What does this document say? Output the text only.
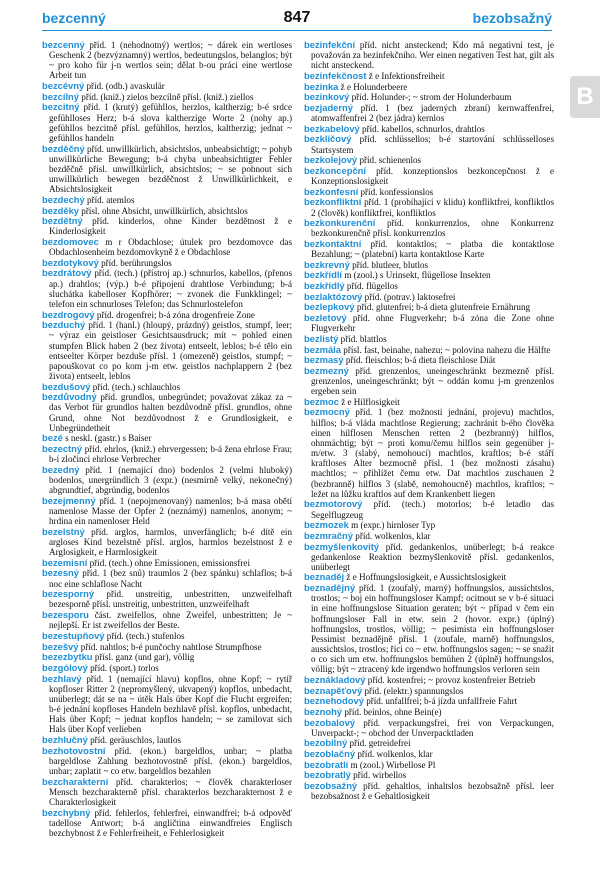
bezcenný	847	bezobsažný
B

bezcenný příd. 1 (nehodnotný) wertlos; ~ dárek ein wertloses Geschenk 2 (bezvýznamný) wertlos, bedeutungslos, belanglos; být ~ pro koho für j-n wertlos sein; dělat b-ou práci eine wertlose Arbeit tun

bezcévný příd. (odb.) avaskulär

bezcílný příd. (kniž.) zielos bezcílně přísl. (kniž.) ziellos

bezcitný příd. 1 (krutý) gefühllos, herzlos, kaltherzig; b-é srdce gefühlloses Herz; b-á slova kaltherzige Worte 2 (nohy ap.) gefühllos bezcitně přísl. gefühllos, herzlos, kaltherzig; jednat ~ gefühllos handeln

bezděčný příd. unwillkürlich, absichtslos, unbeabsichtigt; ~ pohyb unwillkürliche Bewegung; b-á chyba unbeabsichtigter Fehler bezděčně přísl. unwillkürlich, absichtslos; ~ se pohnout sich unwillkürlich bewegen bezděčnost ž Unwillkürlichkeit, e Absichtslosigkeit

bezdechý příd. atemlos

bezděky přísl. ohne Absicht, unwillkürlich, absichtslos

bezdětný příd. kinderlos, ohne Kinder bezdětnost ž e Kinderlosigkeit

bezdomovec m r Obdachlose; útulek pro bezdomovce das Obdachlosenheim bezdomovkyně ž e Obdachlose

bezdotykový příd. berührungslos

bezdrátový příd. (tech.) (přístroj ap.) schnurlos, kabellos, (přenos ap.) drahtlos; (výp.) b-é připojení drahtlose Verbindung; b-á sluchátka kabelloser Kopfhörer; ~ zvonek die Funkklingel; ~ telefon ein schnurloses Telefon; das Schnurlostelefon

bezdrogový příd. drogenfrei; b-á zóna drogenfreie Zone

bezduchý příd. 1 (hanl.) (hloupý, prázdný) geistlos, stumpf, leer; ~ výraz ein geistloser Gesichtsausdruck; mít ~ pohled einen stumpfen Blick haben 2 (bez života) entseelt, leblos; b-é tělo ein entseelter Körper bezduše přísl. 1 (omezeně) geistlos, stumpf; ~ papouškovat co po kom j-m etw. geistlos nachplappern 2 (bez života) entseelt, leblos

bezdušový příd. (tech.) schlauchlos

bezdůvodný příd. grundlos, unbegründet; považovat zákaz za ~ das Verbot für grundlos halten bezdůvodně přísl. grundlos, ohne Grund, ohne Not bezdůvodnost ž e Grundlosigkeit, e Unbegründetheit

bezé s neskl. (gastr.) s Baiser

bezectný příd. ehrlos, (kniž.) ehrvergessen; b-á žena ehrlose Frau; b-í zločinci ehrlose Verbrecher

bezedný příd. 1 (nemající dno) bodenlos 2 (velmi hluboký) bodenlos, unergründlich 3 (expr.) (nesmírně velký, nekonečný) abgrundtief, abgründig, bodenlos

bezejmenný příd. 1 (nepojmenovaný) namenlos; b-á masa obětí namenlose Masse der Opfer 2 (neznámý) namenlos, anonym; ~ hrdina ein namenloser Held

bezelstný příd. arglos, harmlos, unverfänglich; b-é dítě ein argloses Kind bezelstně přísl. arglos, harmlos bezelstnost ž e Arglosigkeit, e Harmlosigkeit

bezemisní příd. (tech.) ohne Emissionen, emissionsfrei

bezesný příd. 1 (bez snů) traumlos 2 (bez spánku) schlaflos; b-á noc eine schlaflose Nacht

bezesporný příd. unstreitig, unbestritten, unzweifelhaft bezesporně přísl. unstreitig, unbestritten, unzweifelhaft

bezesporu část. zweifellos, ohne Zweifel, unbestritten; Je ~ nejlepší. Er ist zweifellos der Beste.

bezestupňový příd. (tech.) stufenlos

bezešvý příd. nahtlos; b-é punčochy nahtlose Strumpfhose

bezezbytku přísl. ganz (und gar), völlig

bezgólový příd. (sport.) torlos

bezhlavý příd. 1 (nemající hlavu) kopflos, ohne Kopf; ~ rytíř kopfloser Ritter 2 (nepromyšlený, ukvapený) kopflos, unbedacht, unüberlegt; dát se na ~ útěk Hals über Kopf die Flucht ergreifen; b-é jednání kopfloses Handeln bezhlavě přísl. kopflos, unbedacht, Hals über Kopf; ~ jednat kopflos handeln; ~ se zamilovat sich Hals über Kopf verlieben

bezhlučný příd. geräuschlos, lautlos

bezhotovostní příd. (ekon.) bargeldlos, unbar; ~ platba bargeldlose Zahlung bezhotovostně přísl. (ekon.) bargeldlos, unbar; zaplatit ~ co etw. bargeldlos bezahlen

bezcharakterní příd. charakterlos; ~ člověk charakterloser Mensch bezcharakterně přísl. charakterlos bezcharakternost ž e Charakterlosigkeit

bezchybný příd. fehlerlos, fehlerfrei, einwandfrei; b-á odpověď tadellose Antwort; b-á angličtina einwandfreies Englisch bezchybnost ž e Fehlerfreiheit, e Fehlerlosigkeit

bezinfekční příd. nicht ansteckend; Kdo má negativní test, je považován za bezinfekčního. Wer einen negativen Test hat, gilt als nicht ansteckend.

bezinfekčnost ž e Infektionsfreiheit

bezinka ž e Holunderbeere

bezinkový příd. Holunder-; ~ strom der Holunderbaum

bezjaderný příd. 1 (bez jaderných zbraní) kernwaffenfrei, atomwaffenfrei 2 (bez jádra) kernlos

bezkabelový příd. kabellos, schnurlos, drahtlos

bezklíčový příd. schlüssellos; b-é startování schlüsselloses Startsystem

bezkolejový příd. schienenlos

bezkoncepční příd. konzeptionslos bezkoncepčnost ž e Konzeptionslosigkeit

bezkonfesní příd. konfessionslos

bezkonfliktní příd. 1 (probíhající v klidu) konfliktfrei, konfliktlos 2 (člověk) konfliktfrei, konfliktlos

bezkonkurenční příd. konkurrenzlos, ohne Konkurrenz bezkonkurenčně přísl. konkurrenzlos

bezkontaktní příd. kontaktlos; ~ platba die kontaktlose Bezahlung; ~ (platební) karta kontaktlose Karte

bezkrevný příd. blutleer, blutlos

bezkřídlí m (zool.) s Urinsekt, flügellose Insekten

bezkřídlý příd. flügellos

bezlaktózový příd. (potrav.) laktosefrei

bezlepkový příd. glutenfrei; b-á dieta glutenfreie Ernährung

bezletový příd. ohne Flugverkehr; b-á zóna die Zone ohne Flugverkehr

bezlistý příd. blattlos

bezmála přísl. fast, beinahe, nahezu; ~ polovina nahezu die Hälfte

bezmasý příd. fleischlos; b-á dieta fleischlose Diät

bezmezný příd. grenzenlos, uneingeschränkt bezmezně přísl. grenzenlos, uneingeschränkt; být ~ oddán komu j-m grenzenlos ergeben sein

bezmoc ž e Hilflosigkeit

bezmocný příd. 1 (bez možnosti jednání, projevu) machtlos, hilflos; b-á vláda machtlose Regierung; zachránit b-ého člověka einen hilflosen Menschen retten 2 (bezbranný) hilflos, ohnmächtig; být ~ proti komu/čemu hilflos sein gegenüber j-m/etw. 3 (slabý, nemohoucí) machtlos, kraftlos; b-é stáří kraftloses Alter bezmocně přísl. 1 (bez možnosti zásahu) machtlos; ~ přihlížet čemu etw. Dat machtlos zuschauen 2 (bezbranně) hilflos 3 (slabě, nemohoucně) machtlos, kraftlos; ~ ležet na lůžku kraftlos auf dem Krankenbett liegen

bezmotorový příd. (tech.) motorlos; b-é letadlo das Segelflugzeug

bezmozek m (expr.) hirnloser Typ

bezmračný příd. wolkenlos, klar

bezmyšlenkovitý příd. gedankenlos, unüberlegt; b-á reakce gedankenlose Reaktion bezmyšlenkovitě přísl. gedankenlos, unüberlegt

beznaděj ž e Hoffnungslosigkeit, e Aussichtslosigkeit

beznadějný příd. 1 (zoufalý, marný) hoffnungslos, aussichtslos, trostlos; ~ boj ein hoffnungsloser Kampf; ocitnout se v b-é situaci in eine hoffnungslose Situation geraten; být ~ případ v čem ein hoffnungsloser Fall in etw. sein 2 (hovor. expr.) (úplný) hoffnungslos, trostlos, völlig; ~ pesimista ein hoffnungsloser Pessimist beznadějně přísl. 1 (zoufale, marně) hoffnungslos, aussichtslos, trostlos; říci co ~ etw. hoffnungslos sagen; ~ se snažit o co sich um etw. hoffnungslos bemühen 2 (úplně) hoffnungslos, völlig; být ~ ztracený kde irgendwo hoffnungslos verloren sein

beznákladový příd. kostenfrei; ~ provoz kostenfreier Betrieb

beznapěťový příd. (elektr.) spannungslos

beznehodový příd. unfallfrei; b-á jízda unfallfreie Fahrt

beznohý příd. beinlos, ohne Bein(e)

bezobalový příd. verpackungsfrei, frei von Verpackungen, Unverpackt-; ~ obchod der Unverpacktladen

bezobilný příd. getreidefrei

bezoblačný příd. wolkenlos, klar

bezobratlí m (zool.) Wirbellose Pl

bezobratlý příd. wirbellos

bezobsažný příd. gehaltlos, inhaltslos bezobsažně přísl. leer bezobsažnost ž e Gehaltlosigkeit
